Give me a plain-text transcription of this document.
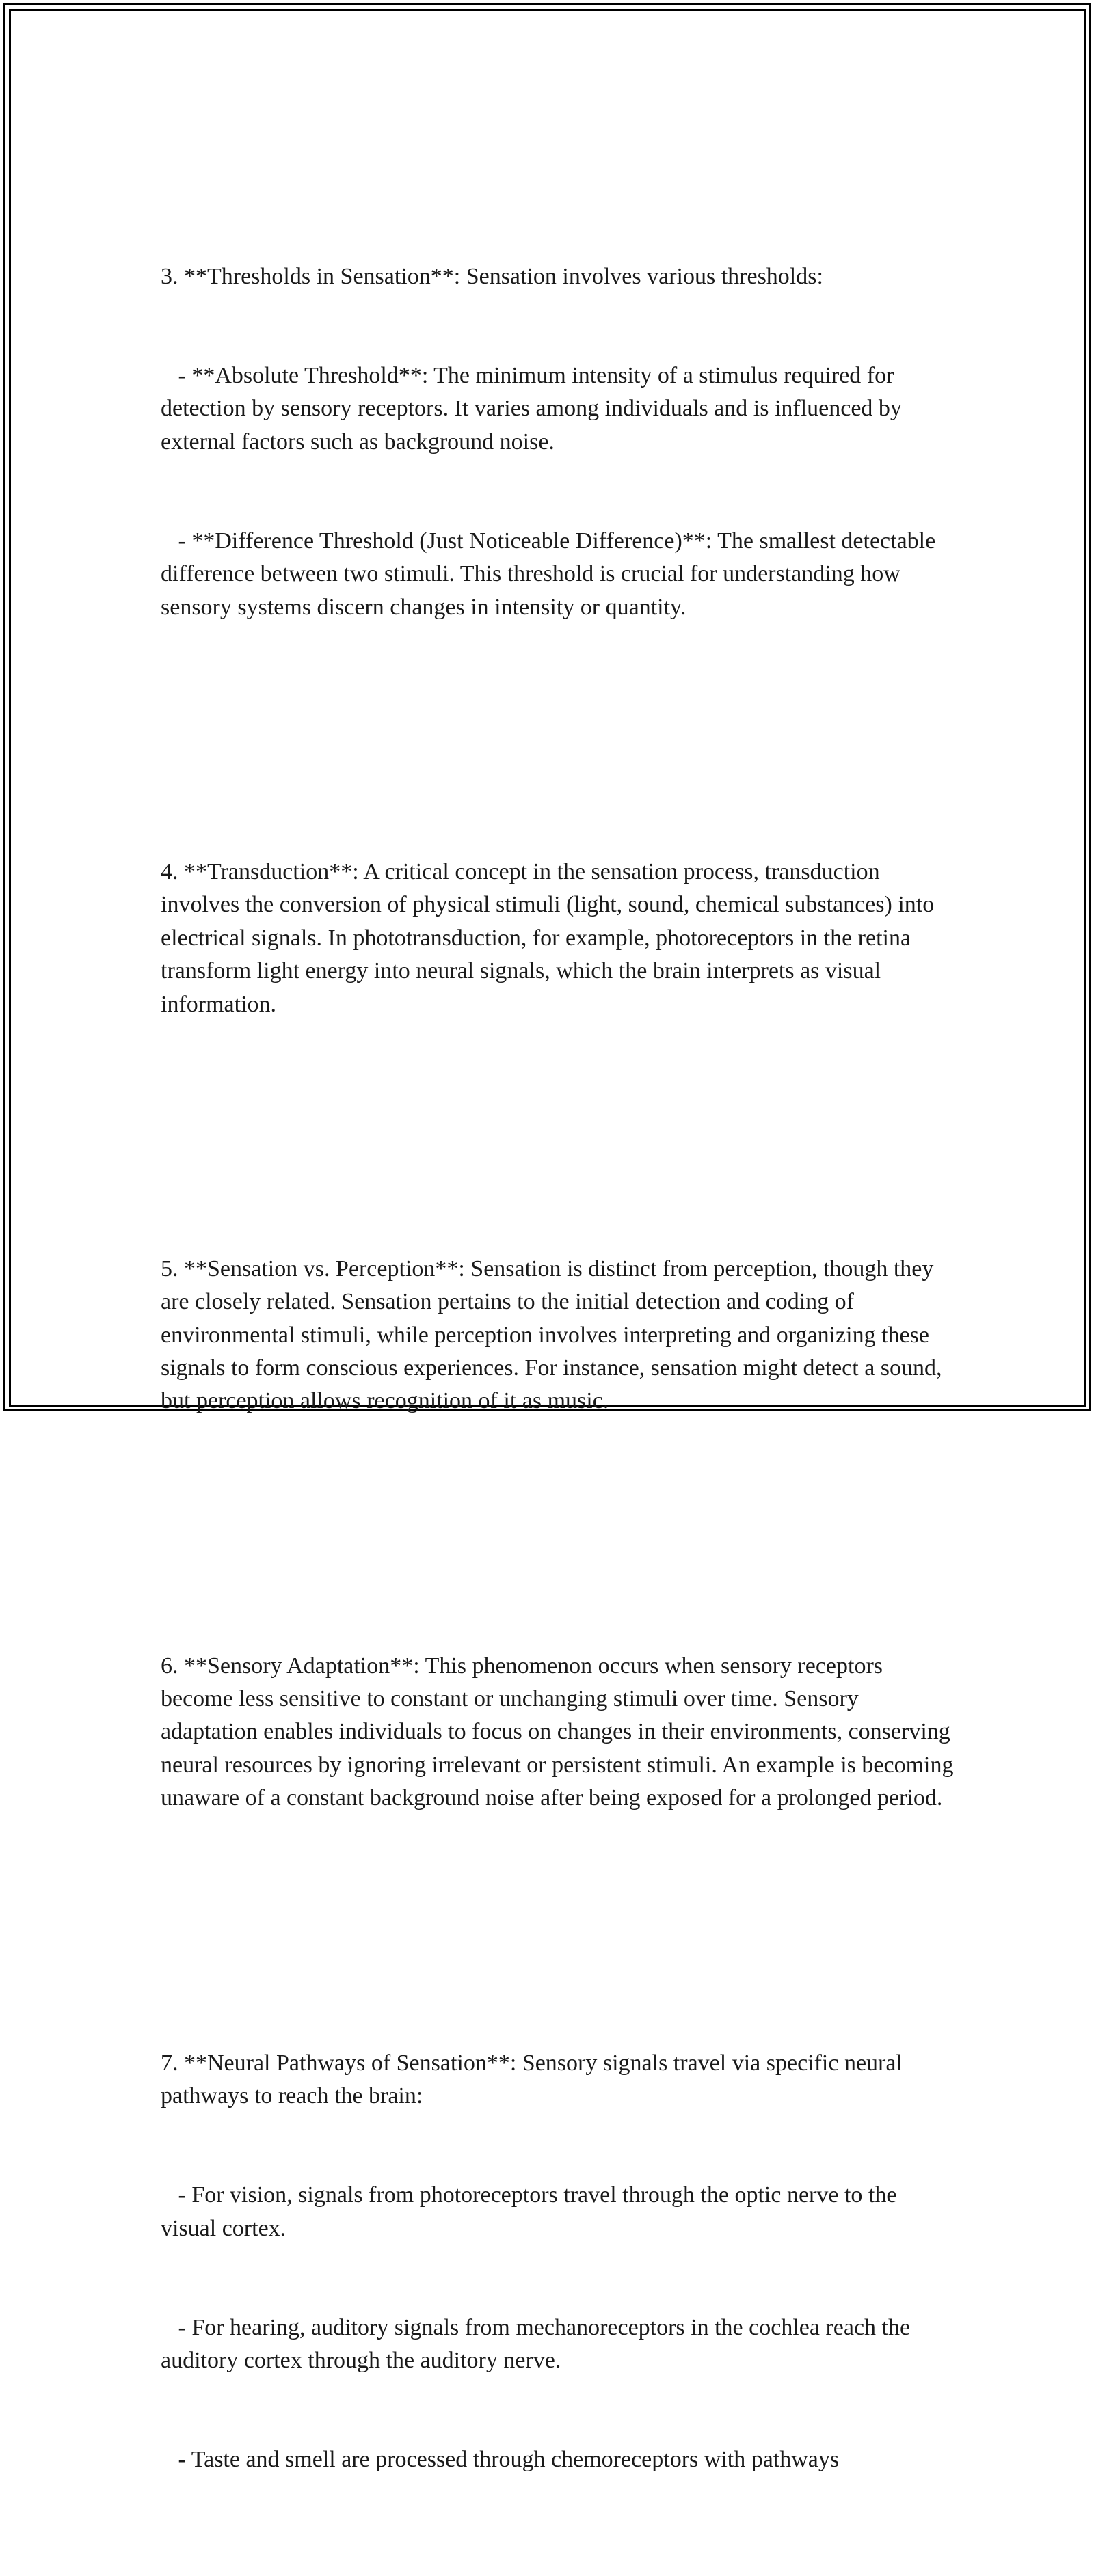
3. **Thresholds in Sensation**: Sensation involves various thresholds:

- **Absolute Threshold**: The minimum intensity of a stimulus required for detection by sensory receptors. It varies among individuals and is influenced by external factors such as background noise.

- **Difference Threshold (Just Noticeable Difference)**: The smallest detectable difference between two stimuli. This threshold is crucial for understanding how sensory systems discern changes in intensity or quantity.

4. **Transduction**: A critical concept in the sensation process, transduction involves the conversion of physical stimuli (light, sound, chemical substances) into electrical signals. In phototransduction, for example, photoreceptors in the retina transform light energy into neural signals, which the brain interprets as visual information.

5. **Sensation vs. Perception**: Sensation is distinct from perception, though they are closely related. Sensation pertains to the initial detection and coding of environmental stimuli, while perception involves interpreting and organizing these signals to form conscious experiences. For instance, sensation might detect a sound, but perception allows recognition of it as music.

6. **Sensory Adaptation**: This phenomenon occurs when sensory receptors become less sensitive to constant or unchanging stimuli over time. Sensory adaptation enables individuals to focus on changes in their environments, conserving neural resources by ignoring irrelevant or persistent stimuli. An example is becoming unaware of a constant background noise after being exposed for a prolonged period.

7. **Neural Pathways of Sensation**: Sensory signals travel via specific neural pathways to reach the brain:

- For vision, signals from photoreceptors travel through the optic nerve to the visual cortex.

- For hearing, auditory signals from mechanoreceptors in the cochlea reach the auditory cortex through the auditory nerve.

- Taste and smell are processed through chemoreceptors with pathways
